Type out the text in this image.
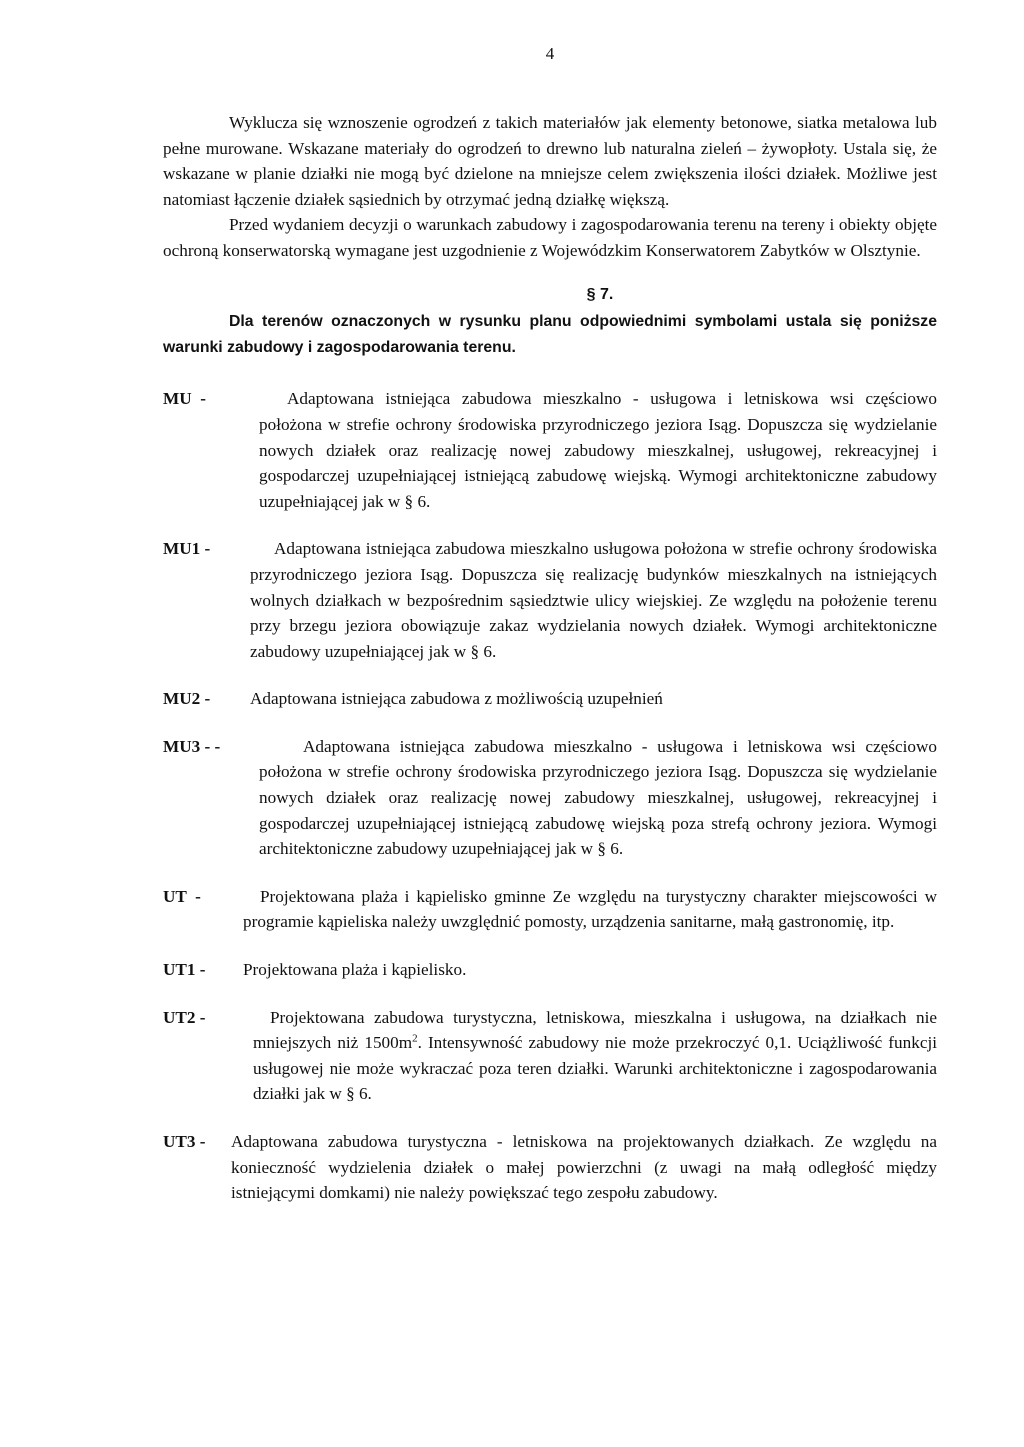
4

Wyklucza się wznoszenie ogrodzeń z takich materiałów jak elementy betonowe, siatka metalowa lub pełne murowane. Wskazane materiały do ogrodzeń to drewno lub naturalna zieleń – żywopłoty. Ustala się, że wskazane w planie działki nie mogą być dzielone na mniejsze celem zwiększenia ilości działek. Możliwe jest natomiast łączenie działek sąsiednich by otrzymać jedną działkę większą.

Przed wydaniem decyzji o warunkach zabudowy i zagospodarowania terenu na tereny i obiekty objęte ochroną konserwatorską wymagane jest uzgodnienie z Wojewódzkim Konserwatorem Zabytków w Olsztynie.

§ 7.

Dla terenów oznaczonych w rysunku planu odpowiednimi symbolami ustala się poniższe warunki zabudowy i zagospodarowania terenu.

MU  -	Adaptowana istniejąca zabudowa mieszkalno - usługowa i letniskowa wsi częściowo położona w strefie ochrony środowiska przyrodniczego jeziora Isąg. Dopuszcza się wydzielanie nowych działek oraz realizację nowej zabudowy mieszkalnej, usługowej, rekreacyjnej i gospodarczej uzupełniającej istniejącą zabudowę wiejską. Wymogi architektoniczne zabudowy uzupełniającej jak w § 6.
MU1 -	Adaptowana istniejąca zabudowa mieszkalno usługowa położona w strefie ochrony środowiska przyrodniczego jeziora Isąg. Dopuszcza się realizację budynków mieszkalnych na istniejących wolnych działkach w bezpośrednim sąsiedztwie ulicy wiejskiej. Ze względu na położenie terenu przy brzegu jeziora obowiązuje zakaz wydzielania nowych działek. Wymogi architektoniczne zabudowy uzupełniającej jak w § 6.
MU2 - Adaptowana istniejąca zabudowa z możliwością uzupełnień
MU3 - -	Adaptowana istniejąca zabudowa mieszkalno - usługowa i letniskowa wsi częściowo położona w strefie ochrony środowiska przyrodniczego jeziora Isąg. Dopuszcza się wydzielanie nowych działek oraz realizację nowej zabudowy mieszkalnej, usługowej, rekreacyjnej i gospodarczej uzupełniającej istniejącą zabudowę wiejską poza strefą ochrony jeziora. Wymogi architektoniczne zabudowy uzupełniającej jak w § 6.
UT  -	Projektowana plaża i kąpielisko gminne Ze względu na turystyczny charakter miejscowości w programie kąpieliska należy uwzględnić pomosty, urządzenia sanitarne, małą gastronomię, itp.
UT1 - Projektowana plaża i kąpielisko.
UT2 -	Projektowana zabudowa turystyczna, letniskowa, mieszkalna i usługowa, na działkach nie mniejszych niż $1500m^2$. Intensywność zabudowy nie może przekroczyć 0,1. Uciążliwość funkcji usługowej nie może wykraczać poza teren działki. Warunki architektoniczne i zagospodarowania działki jak w § 6.
UT3 - Adaptowana zabudowa turystyczna - letniskowa na projektowanych działkach. Ze względu na konieczność wydzielenia działek o małej powierzchni (z uwagi na małą odległość między istniejącymi domkami) nie należy powiększać tego zespołu zabudowy.
